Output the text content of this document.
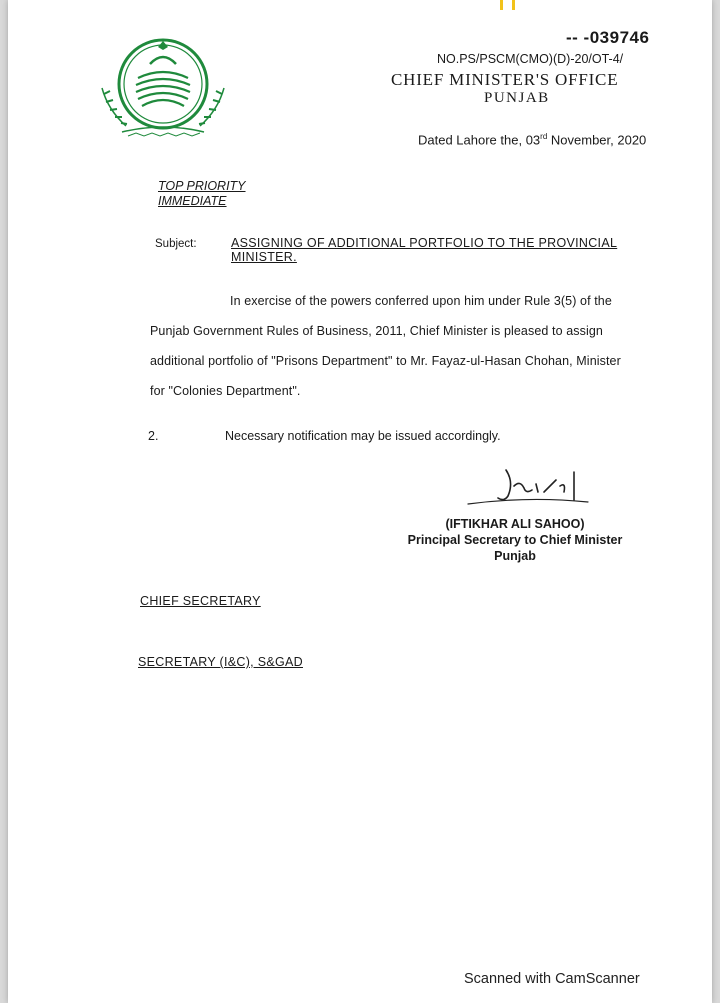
-- -039746
NO.PS/PSCM(CMO)(D)-20/OT-4/
CHIEF MINISTER'S OFFICE
PUNJAB
Dated Lahore the, 03rd November, 2020
TOP PRIORITY
IMMEDIATE
Subject:	ASSIGNING OF ADDITIONAL PORTFOLIO TO THE PROVINCIAL MINISTER.
In exercise of the powers conferred upon him under Rule 3(5) of the
Punjab Government Rules of Business, 2011, Chief Minister is pleased to assign
additional portfolio of "Prisons Department" to Mr. Fayaz-ul-Hasan Chohan, Minister
for "Colonies Department".
2.	Necessary notification may be issued accordingly.
(IFTIKHAR ALI SAHOO)
Principal Secretary to Chief Minister
Punjab
CHIEF SECRETARY
SECRETARY (I&C), S&GAD
Scanned with CamScanner
